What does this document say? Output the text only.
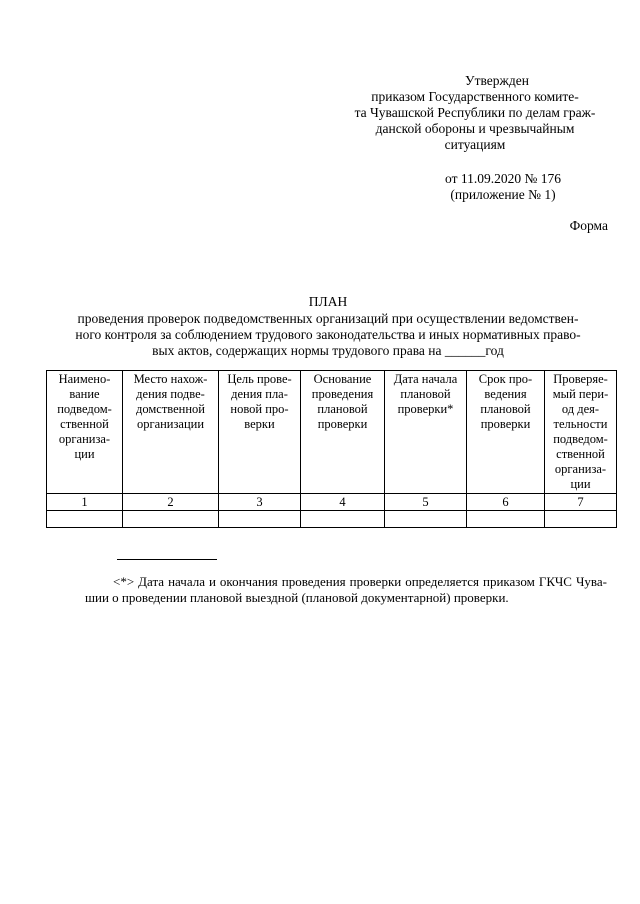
Утвержден
приказом Государственного комите-
та Чувашской Республики по делам граж-
данской обороны и чрезвычайным
ситуациям
от 11.09.2020 № 176
(приложение № 1)
Форма
ПЛАН
проведения проверок подведомственных организаций при осуществлении ведомствен-
ного контроля за соблюдением трудового законодательства и иных нормативных право-
вых актов, содержащих нормы трудового права на ______год
Наимено-вание подведом-ственной организа-ции	Место нахож-дения подве-домственной организации	Цель прове-дения пла-новой про-верки	Основание проведения плановой проверки	Дата начала плановой проверки*	Срок про-ведения плановой проверки	Проверяе-мый пери-од дея-тельности подведом-ственной организа-ции
1	2	3	4	5	6	7

<*> Дата начала и окончания проведения проверки определяется приказом ГКЧС Чува-шии о проведении плановой выездной (плановой документарной) проверки.
